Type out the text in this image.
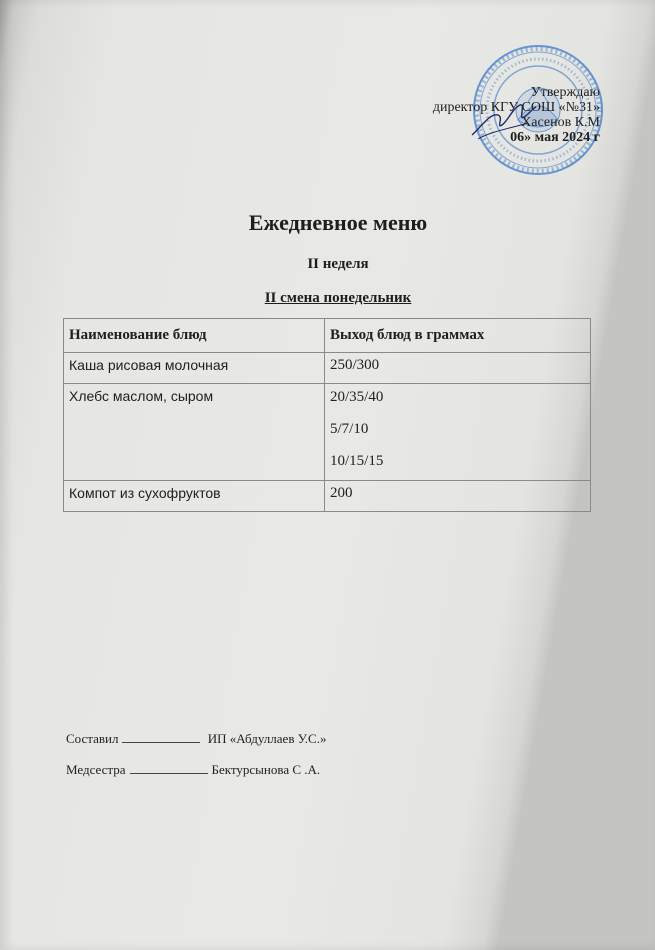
Утверждаю
директор КГУ СОШ «№31»
Хасенов К.М
06» мая 2024 г
Ежедневное меню
II неделя
II смена понедельник
Наименование блюд	Выход блюд в граммах
Каша рисовая молочная	250/300
Хлебс маслом, сыром	20/35/40
5/7/10
10/15/15

Компот из сухофруктов	200
Составил	ИП «Абдуллаев У.С.»
Медсестра	Бектурсынова С .А.
